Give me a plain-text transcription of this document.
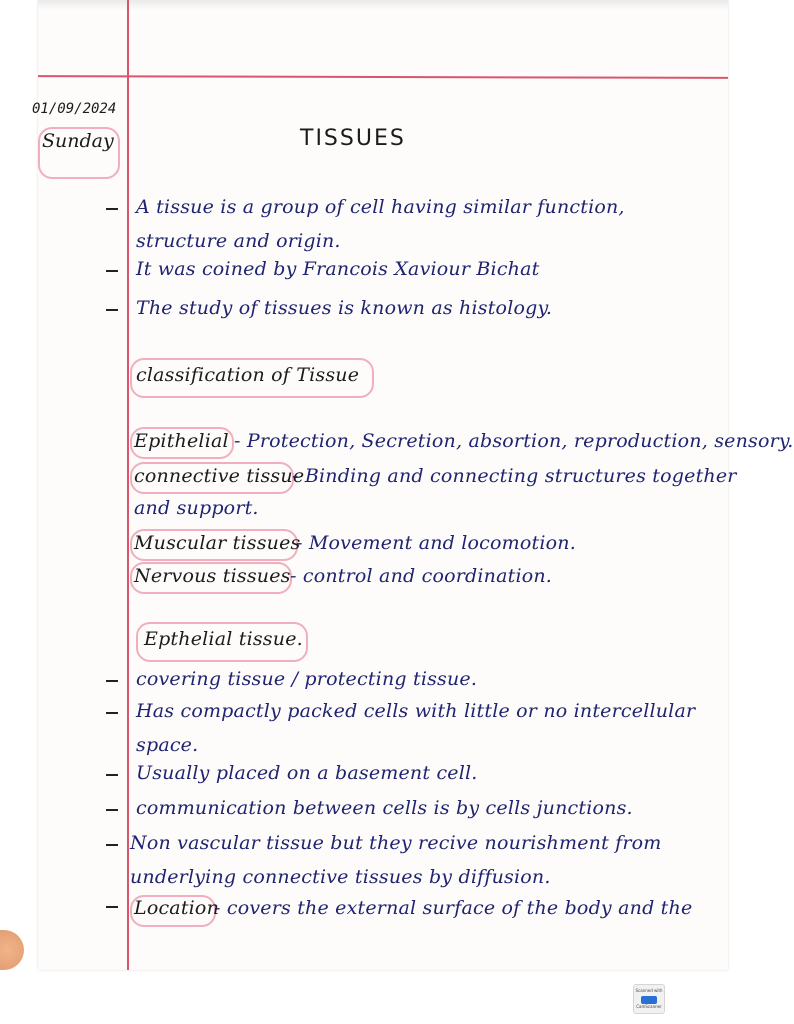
01/09/2024
Sunday	TISSUES
A tissue is a group of cell having similar function,
structure and origin.
It was coined by Francois Xaviour Bichat
The study of tissues is known as histology.
classification of Tissue
Epithelial - Protection, Secretion, absortion, reproduction, sensory.
connective tissue
- Binding and connecting structures together
and support.
Muscular tissues
- Movement and locomotion.
Nervous tissues - control and coordination.
Epthelial tissue.
covering tissue / protecting tissue.
Has compactly packed cells with little or no intercellular
space.
Usually placed on a basement cell.
communication between cells is by cells junctions.
Non vascular tissue but they recive nourishment from
underlying connective tissues by diffusion.
Location
- covers the external surface of the body and the
Scanned with
CamScanner
